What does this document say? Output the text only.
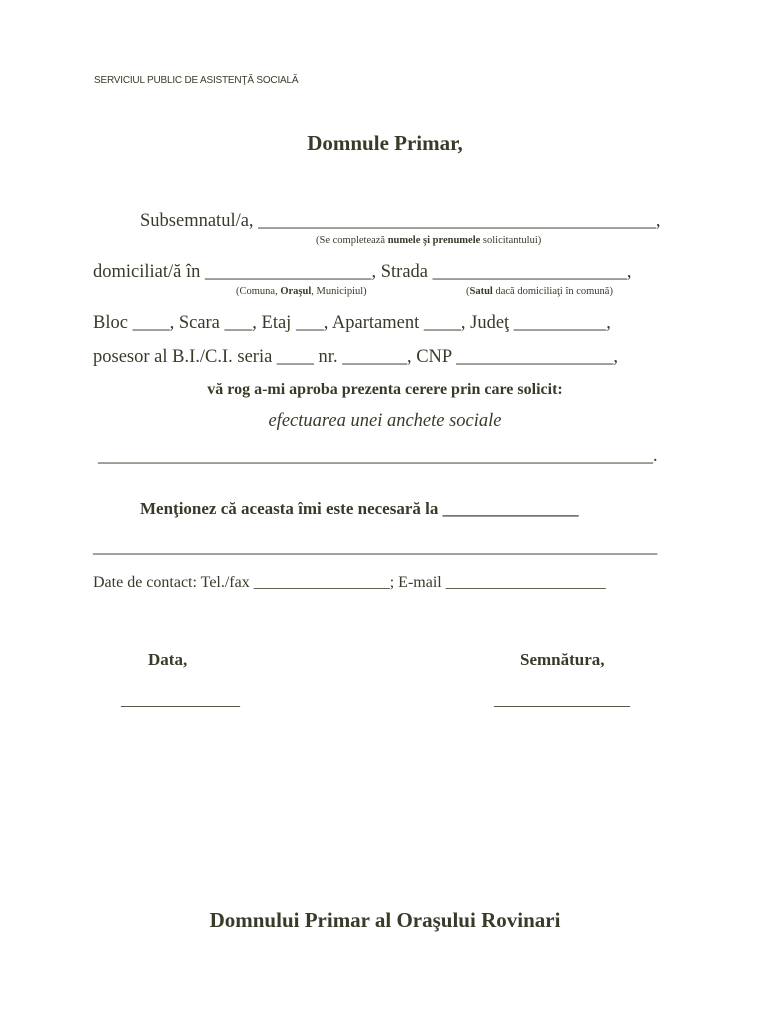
SERVICIUL PUBLIC DE ASISTENŢĂ SOCIALĂ
Domnule Primar,
Subsemnatul/a, ___________________________________________,
(Se completează numele şi prenumele solicitantului)
domiciliat/ă în __________________, Strada _____________________,
(Comuna, Oraşul, Municipiul)	(Satul dacă domiciliaţi în comună)
Bloc ____, Scara ___, Etaj ___, Apartament ____, Judeţ __________,
posesor al B.I./C.I. seria ____ nr. _______, CNP _________________,
vă rog a-mi aproba prezenta cerere prin care solicit:
efectuarea unei anchete sociale
____________________________________________________________.
Menţionez că aceasta îmi este necesară la ________________
_____________________________________________________________
Date de contact: Tel./fax _________________; E-mail ____________________
Data,	Semnătura,
______________	________________
Domnului Primar al Oraşului Rovinari
